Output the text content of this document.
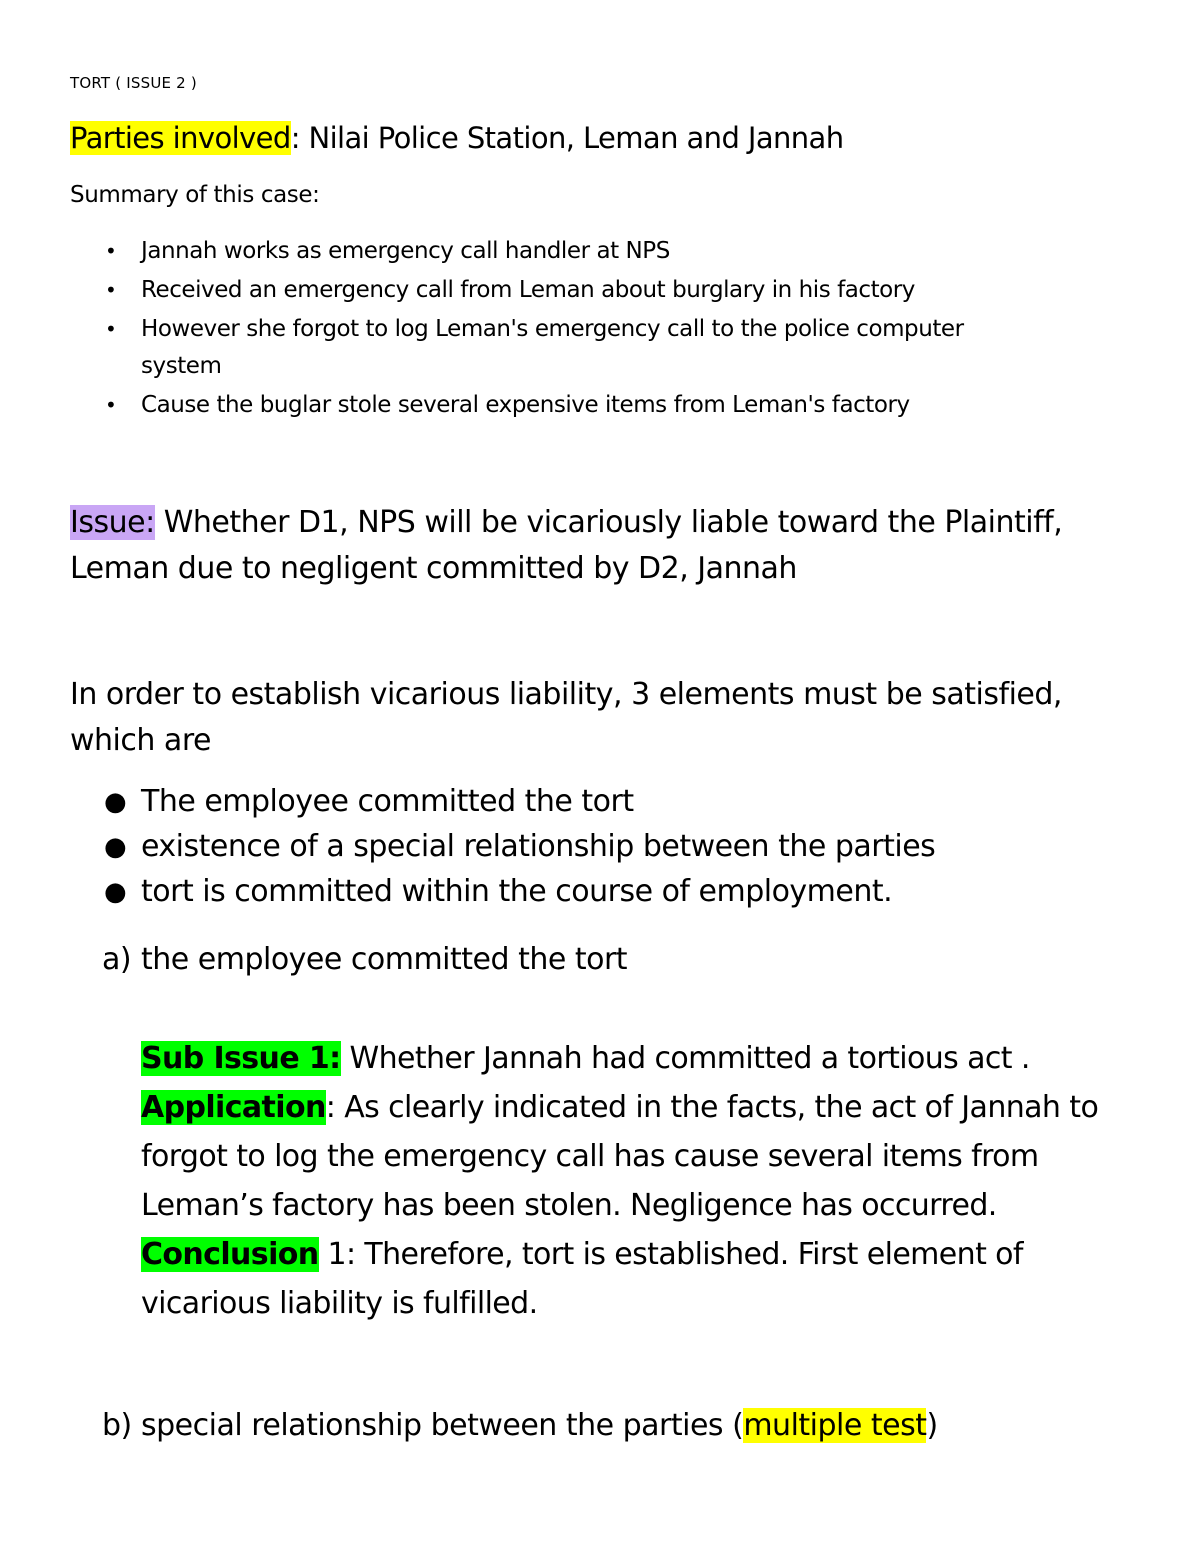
TORT ( ISSUE 2 )
Parties involved: Nilai Police Station, Leman and Jannah
Summary of this case:
• Jannah works as emergency call handler at NPS
• Received an emergency call from Leman about burglary in his factory
• However she forgot to log Leman's emergency call to the police computer
system
• Cause the buglar stole several expensive items from Leman's factory
Issue: Whether D1, NPS will be vicariously liable toward the Plaintiff,
Leman due to negligent committed by D2, Jannah
In order to establish vicarious liability, 3 elements must be satisfied,
which are
● The employee committed the tort
● existence of a special relationship between the parties
● tort is committed within the course of employment.
a) the employee committed the tort
Sub Issue 1: Whether Jannah had committed a tortious act .
Application: As clearly indicated in the facts, the act of Jannah to
forgot to log the emergency call has cause several items from
Leman’s factory has been stolen. Negligence has occurred.
Conclusion 1: Therefore, tort is established. First element of
vicarious liability is fulfilled.
b) special relationship between the parties (multiple test)
